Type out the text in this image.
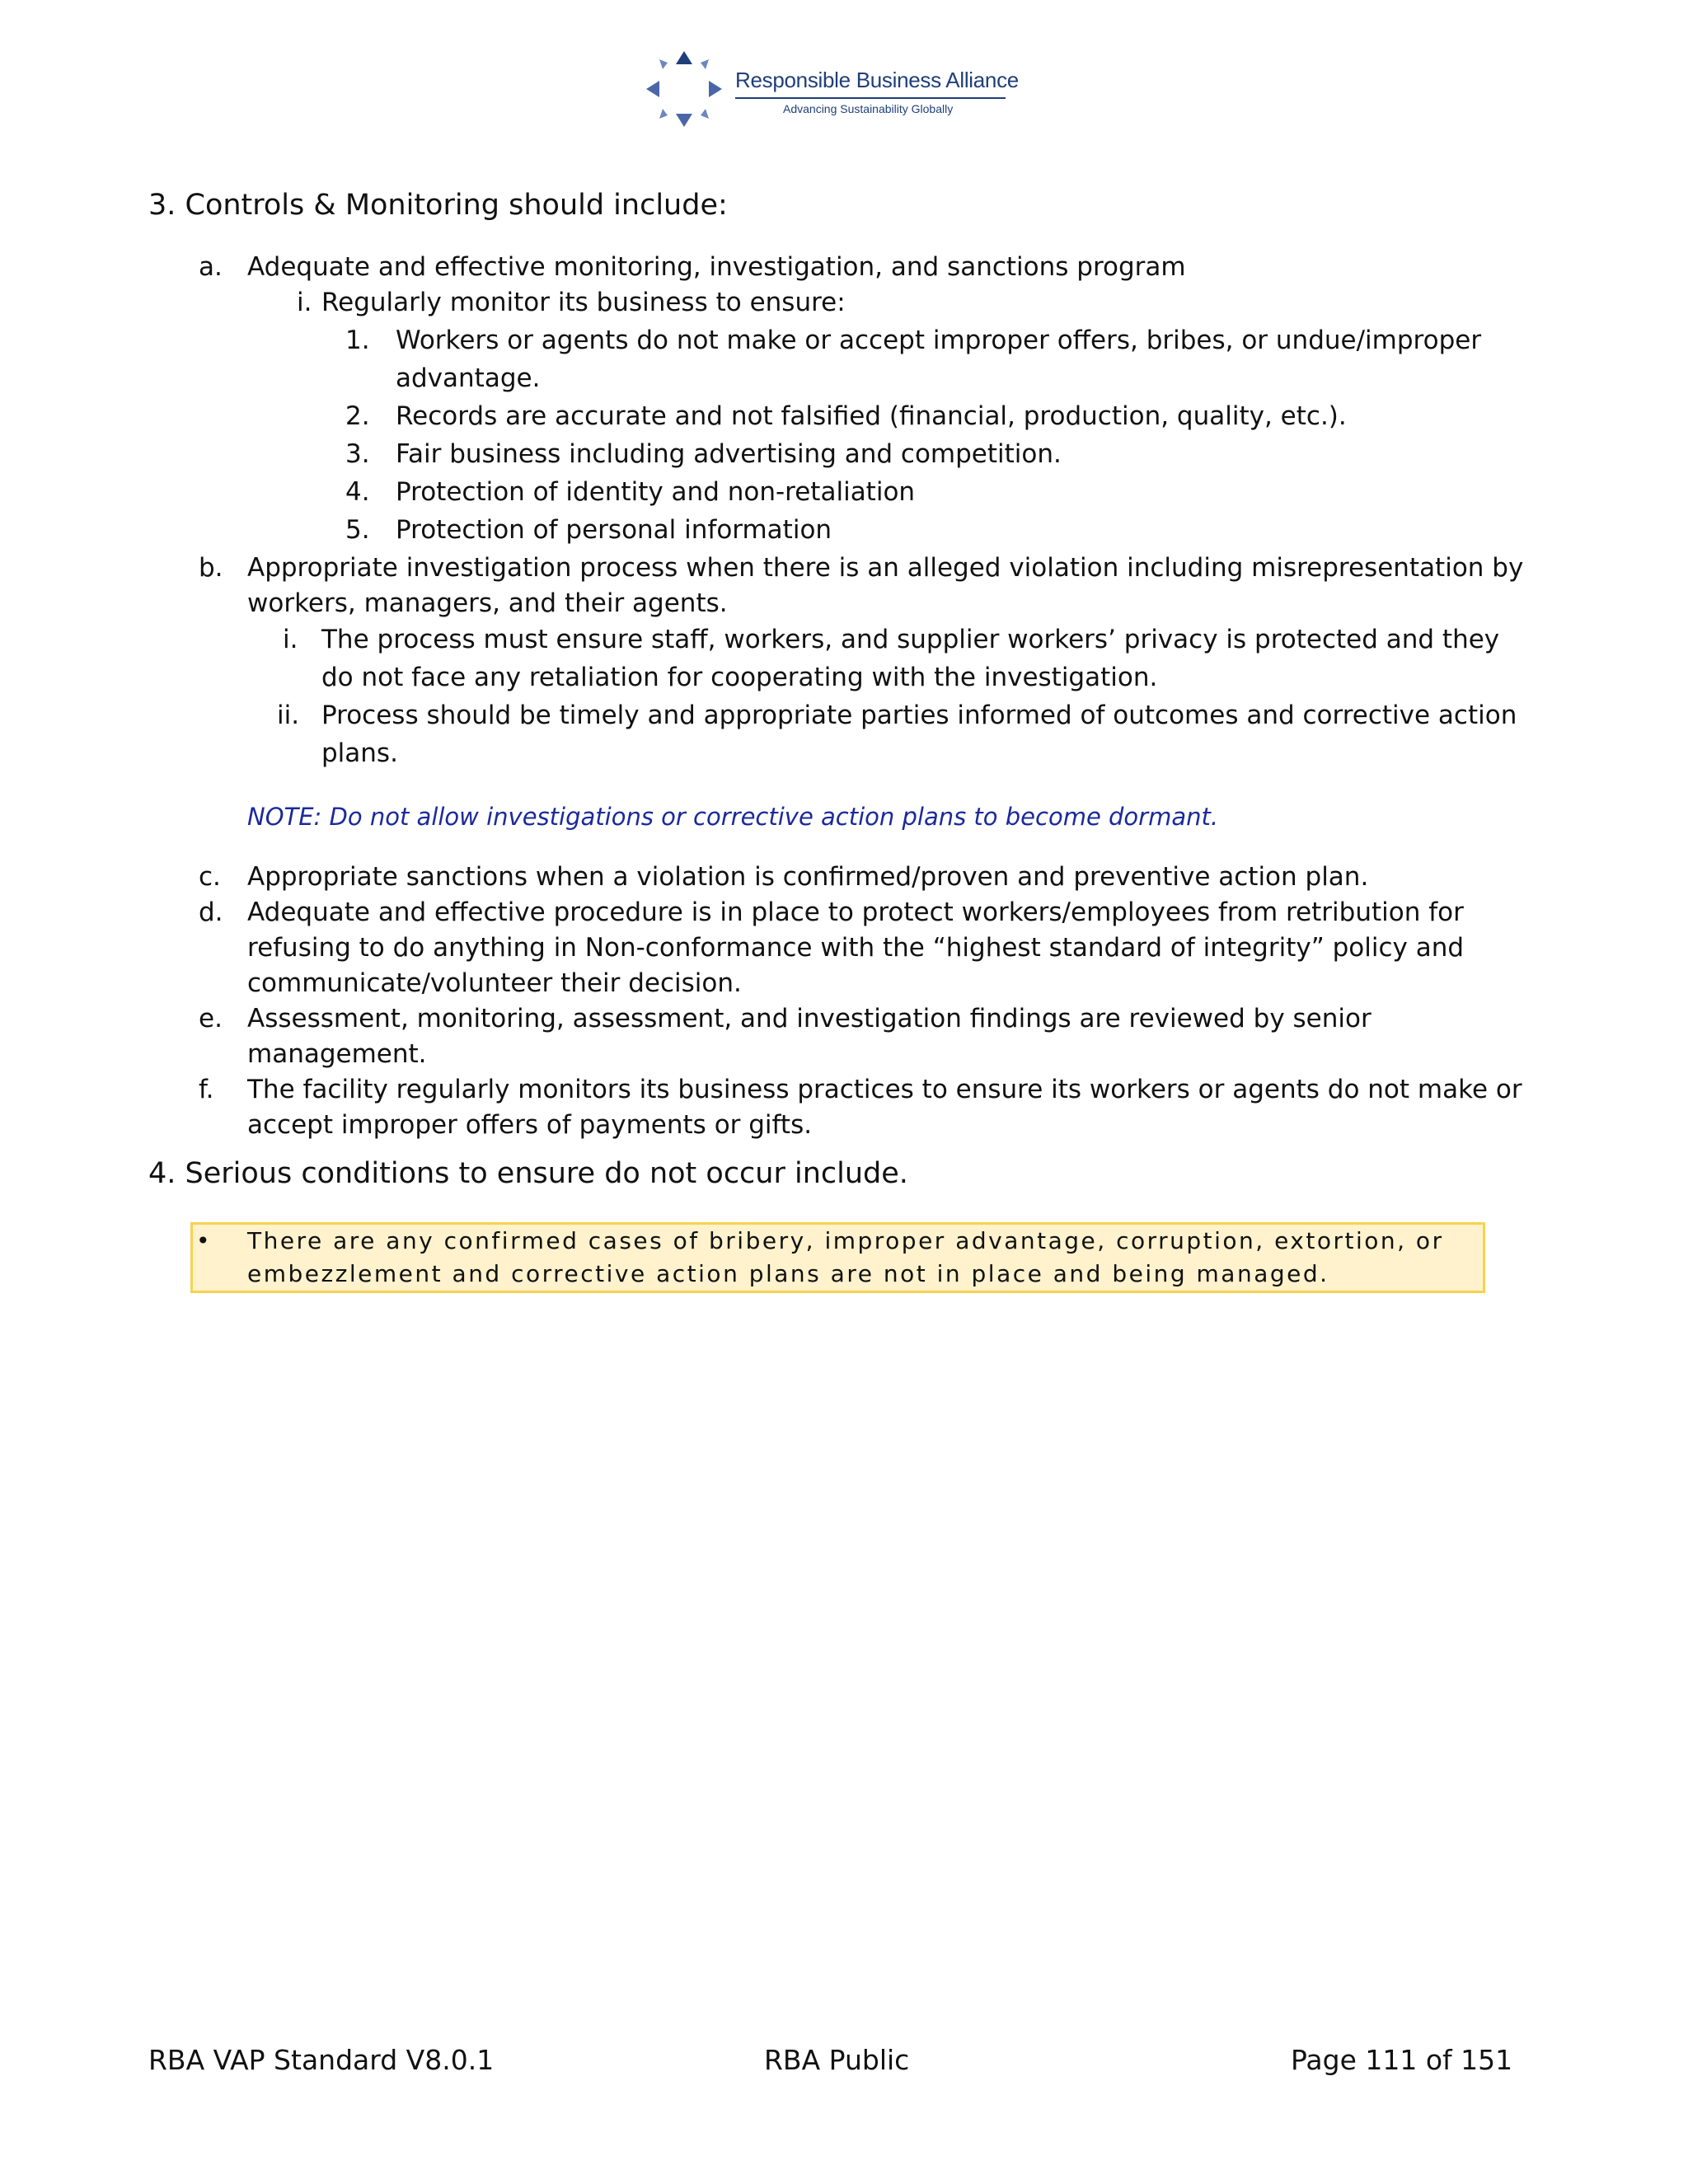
Responsible Business Alliance
Advancing Sustainability Globally
3. Controls & Monitoring should include:
a. Adequate and effective monitoring, investigation, and sanctions program
i. Regularly monitor its business to ensure:
1. Workers or agents do not make or accept improper offers, bribes, or undue/improper
advantage.
2. Records are accurate and not falsified (financial, production, quality, etc.).
3. Fair business including advertising and competition.
4. Protection of identity and non-retaliation
5. Protection of personal information
b. Appropriate investigation process when there is an alleged violation including misrepresentation by
workers, managers, and their agents.
i. The process must ensure staff, workers, and supplier workers’ privacy is protected and they
do not face any retaliation for cooperating with the investigation.
ii. Process should be timely and appropriate parties informed of outcomes and corrective action
plans.
NOTE: Do not allow investigations or corrective action plans to become dormant.
c. Appropriate sanctions when a violation is confirmed/proven and preventive action plan.
d. Adequate and effective procedure is in place to protect workers/employees from retribution for
refusing to do anything in Non-conformance with the “highest standard of integrity” policy and
communicate/volunteer their decision.
e. Assessment, monitoring, assessment, and investigation findings are reviewed by senior
management.
f. The facility regularly monitors its business practices to ensure its workers or agents do not make or
accept improper offers of payments or gifts.
4. Serious conditions to ensure do not occur include.
• There are any confirmed cases of bribery, improper advantage, corruption, extortion, or
embezzlement and corrective action plans are not in place and being managed.
RBA VAP Standard V8.0.1	RBA Public	Page 111 of 151
